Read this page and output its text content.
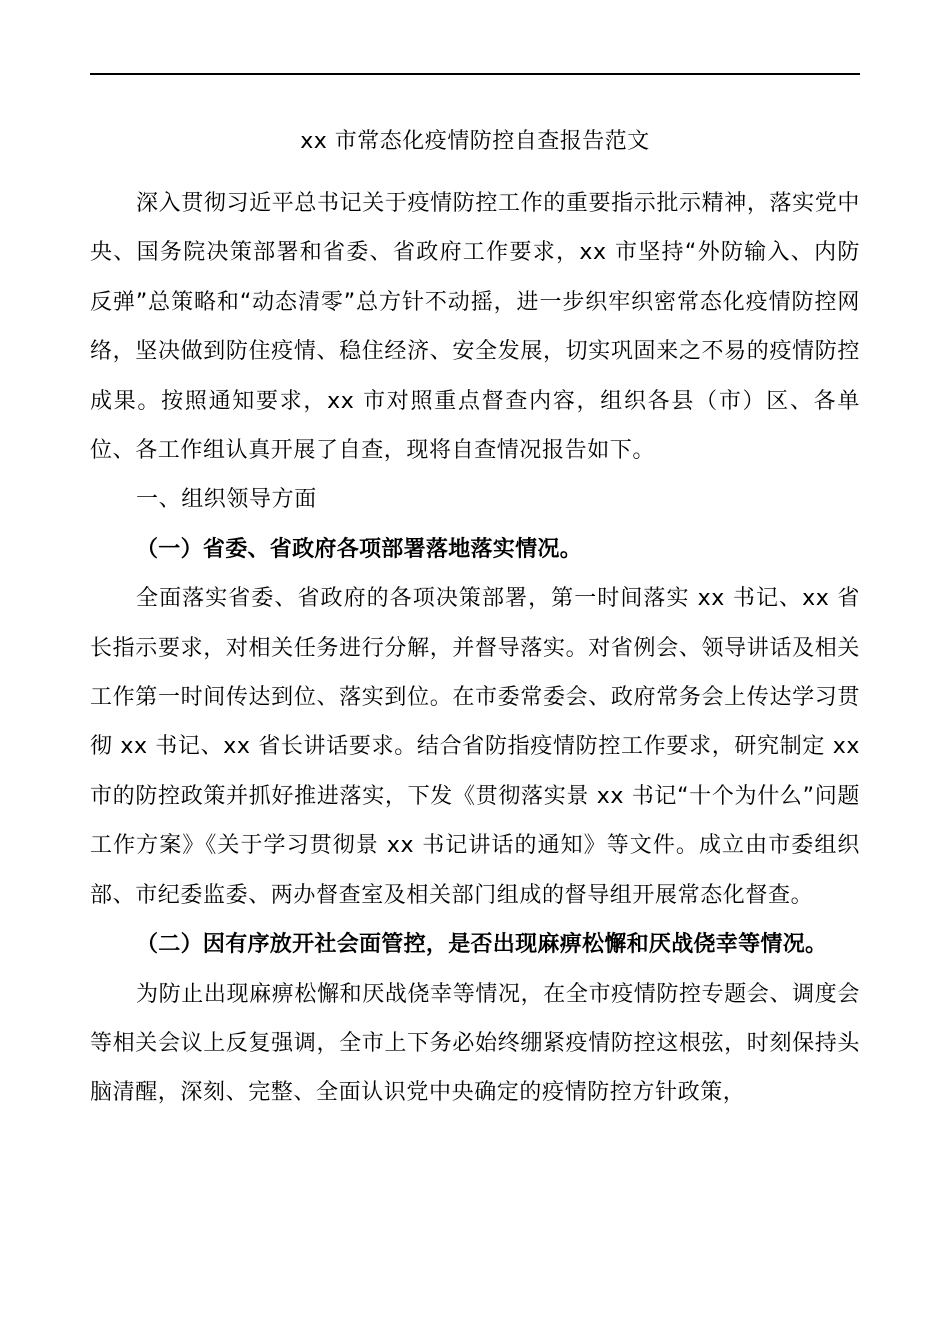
xx 市常态化疫情防控自查报告范文

深入贯彻习近平总书记关于疫情防控工作的重要指示批示精神，落实党中央、国务院决策部署和省委、省政府工作要求，xx 市坚持“外防输入、内防反弹”总策略和“动态清零”总方针不动摇，进一步织牢织密常态化疫情防控网络，坚决做到防住疫情、稳住经济、安全发展，切实巩固来之不易的疫情防控成果。按照通知要求，xx 市对照重点督查内容，组织各县（市）区、各单位、各工作组认真开展了自查，现将自查情况报告如下。

一、组织领导方面

（一）省委、省政府各项部署落地落实情况。

全面落实省委、省政府的各项决策部署，第一时间落实 xx 书记、xx 省长指示要求，对相关任务进行分解，并督导落实。对省例会、领导讲话及相关工作第一时间传达到位、落实到位。在市委常委会、政府常务会上传达学习贯彻 xx 书记、xx 省长讲话要求。结合省防指疫情防控工作要求，研究制定 xx 市的防控政策并抓好推进落实，下发《贯彻落实景 xx 书记“十个为什么”问题工作方案》《关于学习贯彻景 xx 书记讲话的通知》等文件。成立由市委组织部、市纪委监委、两办督查室及相关部门组成的督导组开展常态化督查。

（二）因有序放开社会面管控，是否出现麻痹松懈和厌战侥幸等情况。

为防止出现麻痹松懈和厌战侥幸等情况，在全市疫情防控专题会、调度会等相关会议上反复强调，全市上下务必始终绷紧疫情防控这根弦，时刻保持头脑清醒，深刻、完整、全面认识党中央确定的疫情防控方针政策，
